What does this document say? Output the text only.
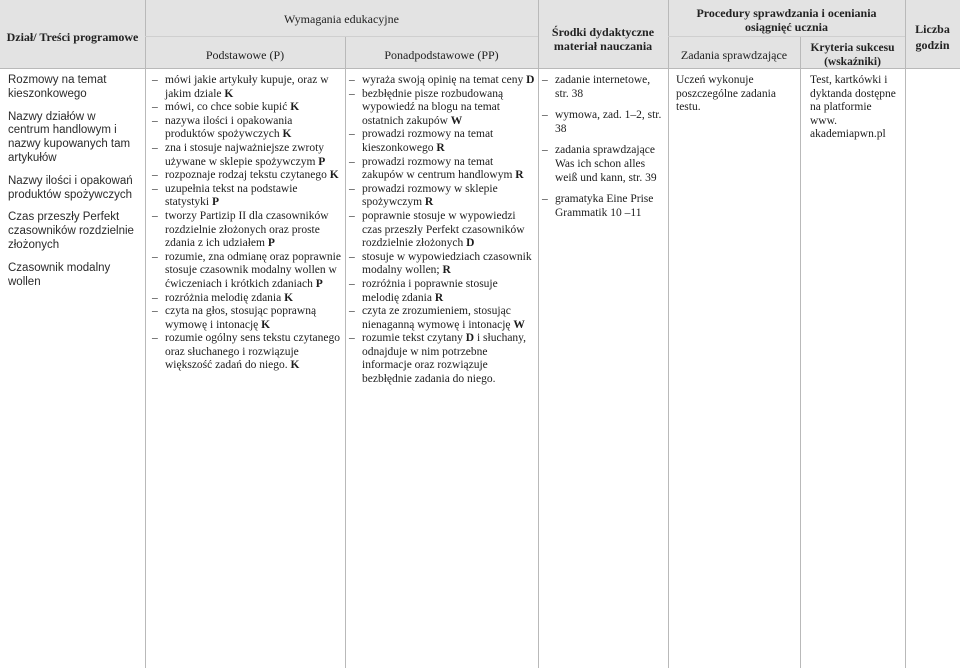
Dział/ Treści programowe
Wymagania edukacyjne
Podstawowe (P)	Ponadpodstawowe (PP)
Środki dydaktyczne materiał nauczania
Procedury sprawdzania i oceniania osiągnięć ucznia
Zadania sprawdzające	Kryteria sukcesu (wskaźniki)
Liczba godzin
Rozmowy na temat kieszonkowego
Nazwy działów w centrum handlowym i nazwy kupowanych tam artykułów
Nazwy ilości i opakowań produktów spożywczych
Czas przeszły Perfekt czasowników rozdzielnie złożonych
Czasownik modalny wollen
– mówi jakie artykuły kupuje, oraz w jakim dziale K
– mówi, co chce sobie kupić K
– nazywa ilości i opakowania produktów spożywczych K
– zna i stosuje najważniejsze zwroty używane w sklepie spożywczym P
– rozpoznaje rodzaj tekstu czytanego K
– uzupełnia tekst na podstawie statystyki P
– tworzy Partizip II dla czasowników rozdzielnie złożonych oraz proste zdania z ich udziałem P
– rozumie, zna odmianę oraz poprawnie stosuje czasownik modalny wollen w ćwiczeniach i krótkich zdaniach P
– rozróżnia melodię zdania K
– czyta na głos, stosując poprawną wymowę i intonację K
– rozumie ogólny sens tekstu czytanego oraz słuchanego i rozwiązuje większość zadań do niego. K
– wyraża swoją opinię na temat ceny D
– bezbłędnie pisze rozbudowaną wypowiedź na blogu na temat ostatnich zakupów W
– prowadzi rozmowy na temat kieszonkowego R
– prowadzi rozmowy na temat zakupów w centrum handlowym R
– prowadzi rozmowy w sklepie spożywczym R
– poprawnie stosuje w wypowiedzi czas przeszły Perfekt czasowników rozdzielnie złożonych D
– stosuje w wypowiedziach czasownik modalny wollen; R
– rozróżnia i poprawnie stosuje melodię zdania R
– czyta ze zrozumieniem, stosując nienaganną wymowę i intonację W
– rozumie tekst czytany D i słuchany, odnajduje w nim potrzebne informacje oraz rozwiązuje bezbłędnie zadania do niego.
– zadanie internetowe, str. 38
– wymowa, zad. 1–2, str. 38
– zadania sprawdzające Was ich schon alles weiß und kann, str. 39
– gramatyka Eine Prise Grammatik 10 –11
Uczeń wykonuje poszczególne zadania testu.
Test, kartkówki i dyktanda dostępne na platformie www. akademiapwn.pl
